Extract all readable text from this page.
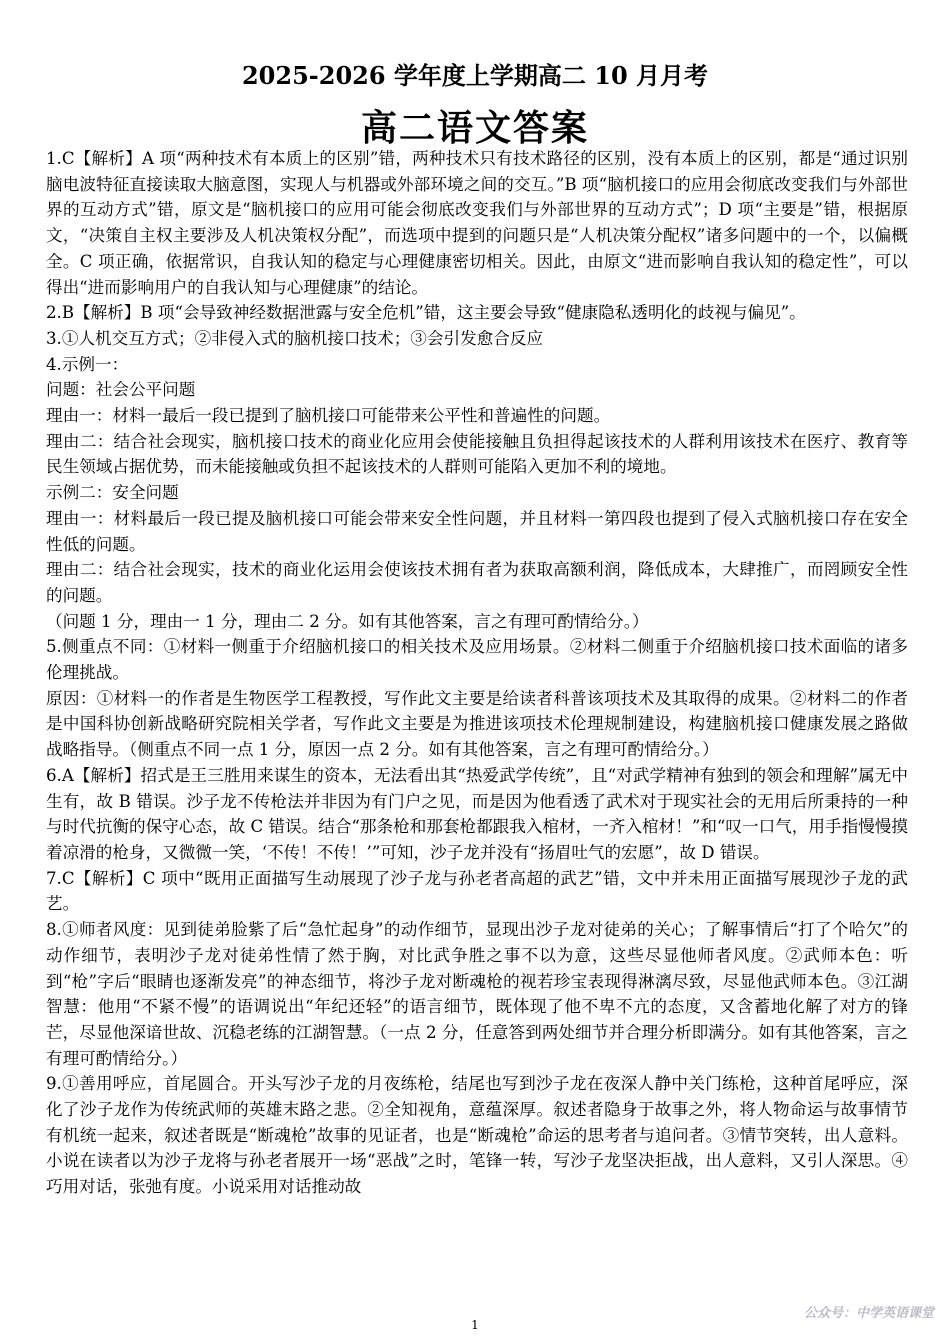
2025-2026 学年度上学期高二 10 月月考
高二语文答案

1.C【解析】A 项“两种技术有本质上的区别”错，两种技术只有技术路径的区别，没有本质上的区别，都是“通过识别脑电波特征直接读取大脑意图，实现人与机器或外部环境之间的交互。”B 项“脑机接口的应用会彻底改变我们与外部世界的互动方式”错，原文是“脑机接口的应用可能会彻底改变我们与外部世界的互动方式”；D 项“主要是”错，根据原文，“决策自主权主要涉及人机决策权分配”，而选项中提到的问题只是“人机决策分配权”诸多问题中的一个，以偏概全。C 项正确，依据常识，自我认知的稳定与心理健康密切相关。因此，由原文“进而影响自我认知的稳定性”，可以得出“进而影响用户的自我认知与心理健康”的结论。

2.B【解析】B 项“会导致神经数据泄露与安全危机”错，这主要会导致“健康隐私透明化的歧视与偏见”。

3.①人机交互方式；②非侵入式的脑机接口技术；③会引发愈合反应

4.示例一：

问题：社会公平问题

理由一：材料一最后一段已提到了脑机接口可能带来公平性和普遍性的问题。

理由二：结合社会现实，脑机接口技术的商业化应用会使能接触且负担得起该技术的人群利用该技术在医疗、教育等民生领域占据优势，而未能接触或负担不起该技术的人群则可能陷入更加不利的境地。

示例二：安全问题

理由一：材料最后一段已提及脑机接口可能会带来安全性问题，并且材料一第四段也提到了侵入式脑机接口存在安全性低的问题。

理由二：结合社会现实，技术的商业化运用会使该技术拥有者为获取高额利润，降低成本，大肆推广，而罔顾安全性的问题。

（问题 1 分，理由一 1 分，理由二 2 分。如有其他答案，言之有理可酌情给分。）

5.侧重点不同：①材料一侧重于介绍脑机接口的相关技术及应用场景。②材料二侧重于介绍脑机接口技术面临的诸多伦理挑战。

原因：①材料一的作者是生物医学工程教授，写作此文主要是给读者科普该项技术及其取得的成果。②材料二的作者是中国科协创新战略研究院相关学者，写作此文主要是为推进该项技术伦理规制建设，构建脑机接口健康发展之路做战略指导。（侧重点不同一点 1 分，原因一点 2 分。如有其他答案，言之有理可酌情给分。）

6.A【解析】招式是王三胜用来谋生的资本，无法看出其“热爱武学传统”，且“对武学精神有独到的领会和理解”属无中生有，故 B 错误。沙子龙不传枪法并非因为有门户之见，而是因为他看透了武术对于现实社会的无用后所秉持的一种与时代抗衡的保守心态，故 C 错误。结合“那条枪和那套枪都跟我入棺材，一齐入棺材！”和“叹一口气，用手指慢慢摸着凉滑的枪身，又微微一笑，‘不传！不传！’”可知，沙子龙并没有“扬眉吐气的宏愿”，故 D 错误。

7.C【解析】C 项中“既用正面描写生动展现了沙子龙与孙老者高超的武艺”错，文中并未用正面描写展现沙子龙的武艺。

8.①师者风度：见到徒弟脸紫了后“急忙起身”的动作细节，显现出沙子龙对徒弟的关心；了解事情后“打了个哈欠”的动作细节，表明沙子龙对徒弟性情了然于胸，对比武争胜之事不以为意，这些尽显他师者风度。②武师本色：听到“枪”字后“眼睛也逐渐发亮”的神态细节，将沙子龙对断魂枪的视若珍宝表现得淋漓尽致，尽显他武师本色。③江湖智慧：他用“不紧不慢”的语调说出“年纪还轻”的语言细节，既体现了他不卑不亢的态度，又含蓄地化解了对方的锋芒，尽显他深谙世故、沉稳老练的江湖智慧。（一点 2 分，任意答到两处细节并合理分析即满分。如有其他答案，言之有理可酌情给分。）

9.①善用呼应，首尾圆合。开头写沙子龙的月夜练枪，结尾也写到沙子龙在夜深人静中关门练枪，这种首尾呼应，深化了沙子龙作为传统武师的英雄末路之悲。②全知视角，意蕴深厚。叙述者隐身于故事之外，将人物命运与故事情节有机统一起来，叙述者既是“断魂枪”故事的见证者，也是“断魂枪”命运的思考者与追问者。③情节突转，出人意料。小说在读者以为沙子龙将与孙老者展开一场“恶战”之时，笔锋一转，写沙子龙坚决拒战，出人意料，又引人深思。④巧用对话，张弛有度。小说采用对话推动故

公众号：中学英语课堂
1
